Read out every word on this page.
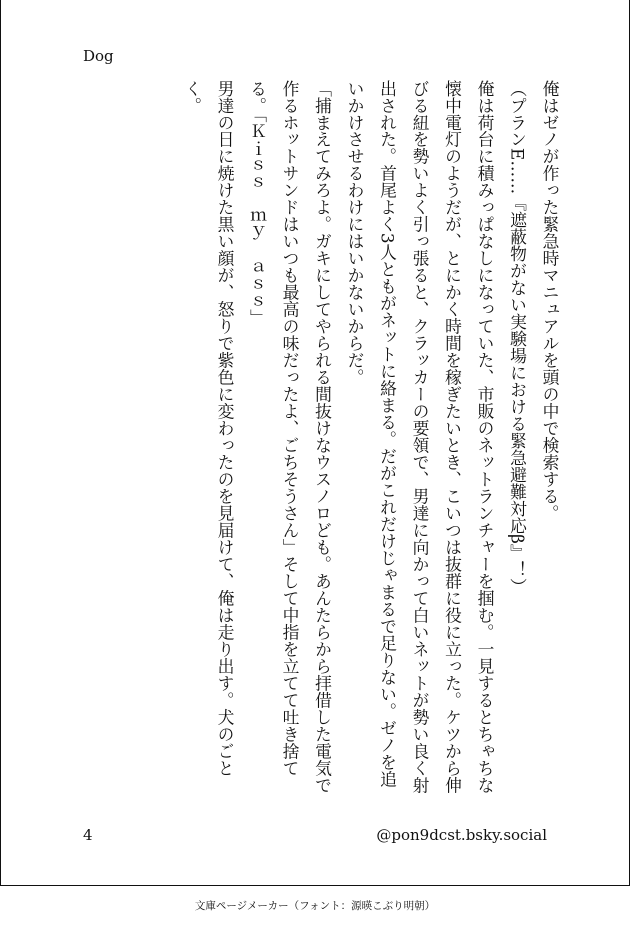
Dog

俺はゼノが作った緊急時マニュアルを頭の中で検索する。

（プランE……『遮蔽物がない実験場における緊急避難対応β』！）

俺は荷台に積みっぱなしになっていた、市販のネットランチャーを掴む。一見するとちゃちな懐中電灯のようだが、とにかく時間を稼ぎたいとき、こいつは抜群に役に立った。ケツから伸びる紐を勢いよく引っ張ると、クラッカーの要領で、男達に向かって白いネットが勢い良く射出された。首尾よく3人ともがネットに絡まる。だがこれだけじゃまるで足りない。ゼノを追いかけさせるわけにはいかないからだ。

「捕まえてみろよ。ガキにしてやられる間抜けなウスノロども。あんたらから拝借した電気で作るホットサンドはいつも最高の味だったよ、ごちそうさん」そして中指を立てて吐き捨てる。「Ｋｉｓｓ　ｍｙ　ａｓｓ」

男達の日に焼けた黒い顔が、怒りで紫色に変わったのを見届けて、俺は走り出す。犬のごとく。

4	@pon9dcst.bsky.social
文庫ページメーカー（フォント：源暎こぶり明朝）
